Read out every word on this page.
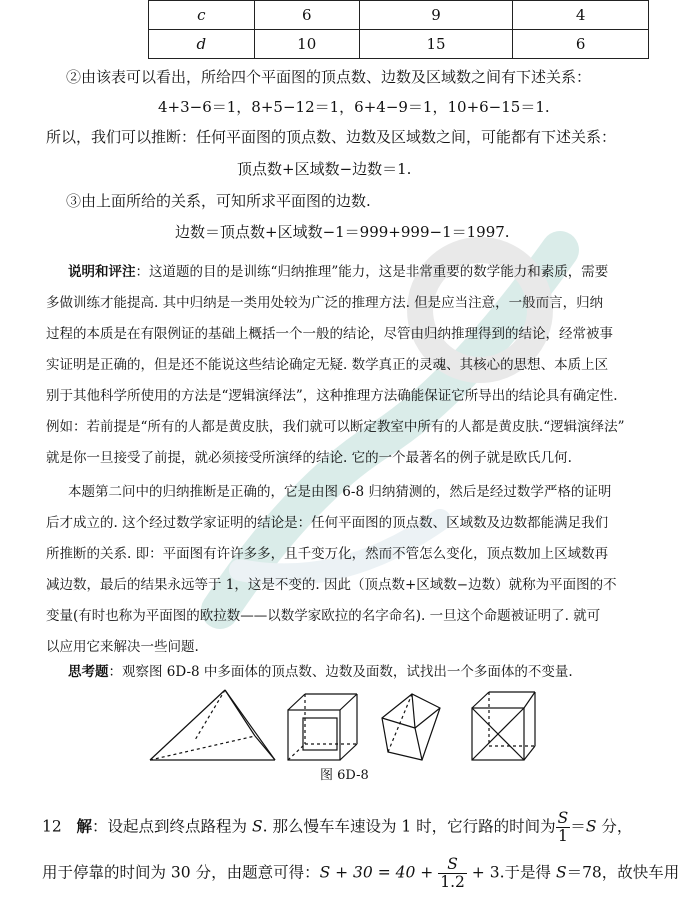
c	6	9	4
d	10	15	6
②由该表可以看出，所给四个平面图的顶点数、边数及区域数之间有下述关系：
4+3−6＝1，8+5−12＝1，6+4−9＝1，10+6−15＝1.
所以，我们可以推断：任何平面图的顶点数、边数及区域数之间，可能都有下述关系：
顶点数+区域数−边数＝1.
③由上面所给的关系，可知所求平面图的边数.
边数＝顶点数+区域数−1＝999+999−1＝1997.
说明和评注：这道题的目的是训练“归纳推理”能力，这是非常重要的数学能力和素质，需要
多做训练才能提高. 其中归纳是一类用处较为广泛的推理方法. 但是应当注意，一般而言，归纳
过程的本质是在有限例证的基础上概括一个一般的结论，尽管由归纳推理得到的结论，经常被事
实证明是正确的，但是还不能说这些结论确定无疑. 数学真正的灵魂、其核心的思想、本质上区
别于其他科学所使用的方法是“逻辑演绎法”，这种推理方法确能保证它所导出的结论具有确定性.
例如：若前提是“所有的人都是黄皮肤，我们就可以断定教室中所有的人都是黄皮肤.“逻辑演绎法”
就是你一旦接受了前提，就必须接受所演绎的结论. 它的一个最著名的例子就是欧氏几何.
本题第二问中的归纳推断是正确的，它是由图 6-8 归纳猜测的，然后是经过数学严格的证明
后才成立的. 这个经过数学家证明的结论是：任何平面图的顶点数、区域数及边数都能满足我们
所推断的关系. 即：平面图有许许多多，且千变万化，然而不管怎么变化，顶点数加上区域数再
减边数，最后的结果永远等于 1，这是不变的. 因此（顶点数+区域数−边数）就称为平面图的不
变量(有时也称为平面图的欧拉数——以数学家欧拉的名字命名). 一旦这个命题被证明了. 就可
以应用它来解决一些问题.
思考题：观察图 6D-8 中多面体的顶点数、边数及面数，试找出一个多面体的不变量.
图 6D-8
12 解：设起点到终点路程为 S. 那么慢车车速设为 1 时，它行路的时间为 $\frac{S}{1} =S$ 分，
用于停靠的时间为 30 分，由题意可得：$S + 30 = 40 + \frac{S}{1.2} + 3$.于是得 S＝78，故快车用
